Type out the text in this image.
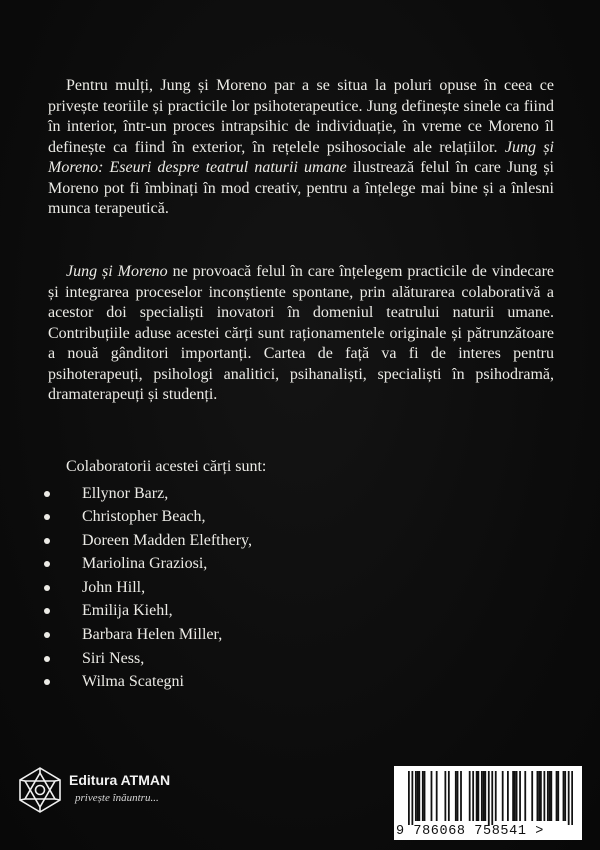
Pentru mulți, Jung și Moreno par a se situa la poluri opuse în ceea ce privește teoriile și practicile lor psihoterapeutice. Jung definește sinele ca fiind în interior, într-un proces intrapsihic de individuație, în vreme ce Moreno îl definește ca fiind în exterior, în rețelele psihosociale ale relațiilor. Jung și Moreno: Eseuri despre teatrul naturii umane ilustrează felul în care Jung și Moreno pot fi îmbinați în mod creativ, pentru a înțelege mai bine și a înlesni munca terapeutică.

Jung și Moreno ne provoacă felul în care înțelegem practicile de vindecare și integrarea proceselor inconștiente spontane, prin alăturarea colaborativă a acestor doi specialiști inovatori în domeniul teatrului naturii umane. Contribuțiile aduse acestei cărți sunt raționamentele originale și pătrunzătoare a nouă gânditori importanți. Cartea de față va fi de interes pentru psihoterapeuți, psihologi analitici, psihanaliști, specialiști în psihodramă, dramaterapeuți și studenți.

Colaboratorii acestei cărți sunt:

Ellynor Barz,
Christopher Beach,
Doreen Madden Elefthery,
Mariolina Graziosi,
John Hill,
Emilija Kiehl,
Barbara Helen Miller,
Siri Ness,
Wilma Scategni
Editura ATMAN
privește înăuntru...
9 786068 758541 >
